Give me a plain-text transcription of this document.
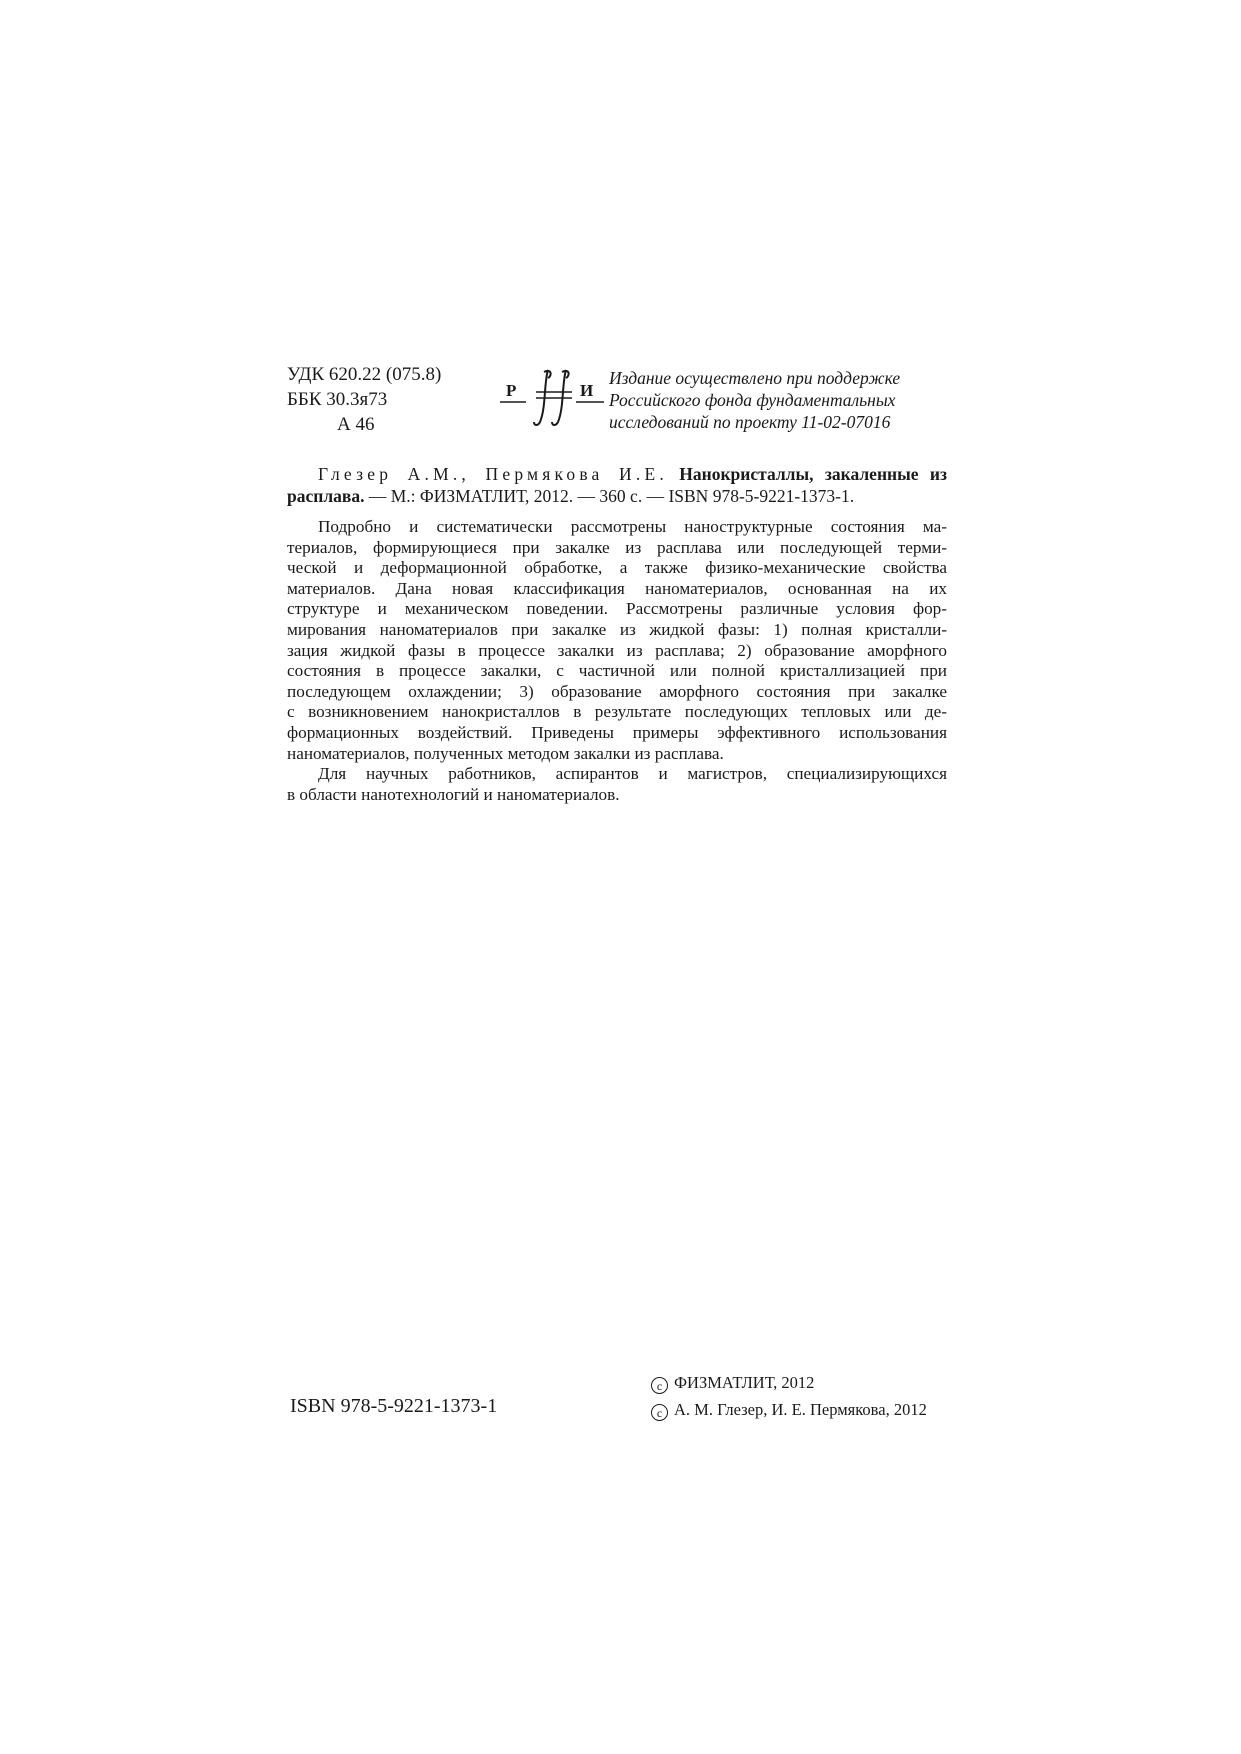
УДК 620.22 (075.8)
ББК 30.3я73
А 46
Р	И
Издание осуществлено при поддержке
Российского фонда фундаментальных
исследований по проекту 11-02-07016
Глезер А.М., Пермякова И.Е. Нанокристаллы, закаленные из
расплава. — М.: ФИЗМАТЛИТ, 2012. — 360 с. — ISBN 978-5-9221-1373-1.
Подробно и систематически рассмотрены наноструктурные состояния ма-
териалов, формирующиеся при закалке из расплава или последующей терми-
ческой и деформационной обработке, а также физико-механические свойства
материалов. Дана новая классификация наноматериалов, основанная на их
структуре и механическом поведении. Рассмотрены различные условия фор-
мирования наноматериалов при закалке из жидкой фазы: 1) полная кристалли-
зация жидкой фазы в процессе закалки из расплава; 2) образование аморфного
состояния в процессе закалки, с частичной или полной кристаллизацией при
последующем охлаждении; 3) образование аморфного состояния при закалке
с возникновением нанокристаллов в результате последующих тепловых или де-
формационных воздействий. Приведены примеры эффективного использования
наноматериалов, полученных методом закалки из расплава.
Для научных работников, аспирантов и магистров, специализирующихся
в области нанотехнологий и наноматериалов.
ISBN 978-5-9221-1373-1
c ФИЗМАТЛИТ, 2012
c А. М. Глезер, И. Е. Пермякова, 2012
